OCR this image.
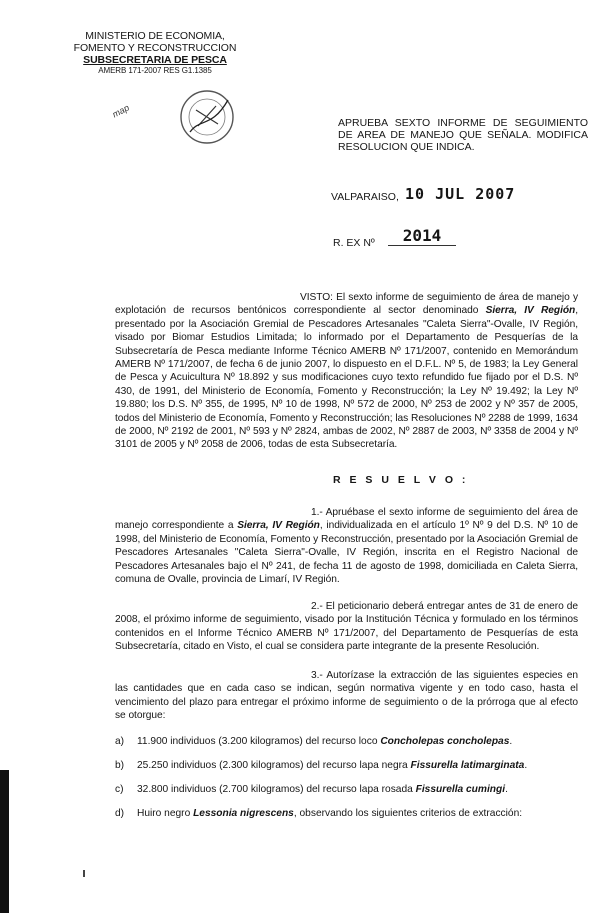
MINISTERIO DE ECONOMIA,
FOMENTO Y RECONSTRUCCION
SUBSECRETARIA DE PESCA
AMERB 171-2007 RES G1.1385
map
APRUEBA SEXTO INFORME DE SEGUIMIENTO DE AREA DE MANEJO QUE SEÑALA. MODIFICA RESOLUCION QUE INDICA.
VALPARAISO, 10 JUL 2007
R. EX Nº	2014
VISTO: El sexto informe de seguimiento de área de manejo y explotación de recursos bentónicos correspondiente al sector denominado Sierra, IV Región, presentado por la Asociación Gremial de Pescadores Artesanales "Caleta Sierra"-Ovalle, IV Región, visado por Biomar Estudios Limitada; lo informado por el Departamento de Pesquerías de la Subsecretaría de Pesca mediante Informe Técnico AMERB Nº 171/2007, contenido en Memorándum AMERB Nº 171/2007, de fecha 6 de junio 2007, lo dispuesto en el D.F.L. Nº 5, de 1983; la Ley General de Pesca y Acuicultura Nº 18.892 y sus modificaciones cuyo texto refundido fue fijado por el D.S. Nº 430, de 1991, del Ministerio de Economía, Fomento y Reconstrucción; la Ley Nº 19.492; la Ley Nº 19.880; los D.S. Nº 355, de 1995, Nº 10 de 1998, Nº 572 de 2000, Nº 253 de 2002 y Nº 357 de 2005, todos del Ministerio de Economía, Fomento y Reconstrucción; las Resoluciones Nº 2288 de 1999, 1634 de 2000, Nº 2192 de 2001, Nº 593 y Nº 2824, ambas de 2002, Nº 2887 de 2003, Nº 3358 de 2004 y Nº 3101 de 2005 y Nº 2058 de 2006, todas de esta Subsecretaría.
R E S U E L V O :
1.- Apruébase el sexto informe de seguimiento del área de manejo correspondiente a Sierra, IV Región, individualizada en el artículo 1º Nº 9 del D.S. Nº 10 de 1998, del Ministerio de Economía, Fomento y Reconstrucción, presentado por la Asociación Gremial de Pescadores Artesanales "Caleta Sierra"-Ovalle, IV Región, inscrita en el Registro Nacional de Pescadores Artesanales bajo el Nº 241, de fecha 11 de agosto de 1998, domiciliada en Caleta Sierra, comuna de Ovalle, provincia de Limarí, IV Región.
2.- El peticionario deberá entregar antes de 31 de enero de 2008, el próximo informe de seguimiento, visado por la Institución Técnica y formulado en los términos contenidos en el Informe Técnico AMERB Nº 171/2007, del Departamento de Pesquerías de esta Subsecretaría, citado en Visto, el cual se considera parte integrante de la presente Resolución.
3.- Autorízase la extracción de las siguientes especies en las cantidades que en cada caso se indican, según normativa vigente y en todo caso, hasta el vencimiento del plazo para entregar el próximo informe de seguimiento o de la prórroga que al efecto se otorgue:
a) 11.900 individuos (3.200 kilogramos) del recurso loco Concholepas concholepas.
b) 25.250 individuos (2.300 kilogramos) del recurso lapa negra Fissurella latimarginata.
c) 32.800 individuos (2.700 kilogramos) del recurso lapa rosada Fissurella cumingi.
d) Huiro negro Lessonia nigrescens, observando los siguientes criterios de extracción:
